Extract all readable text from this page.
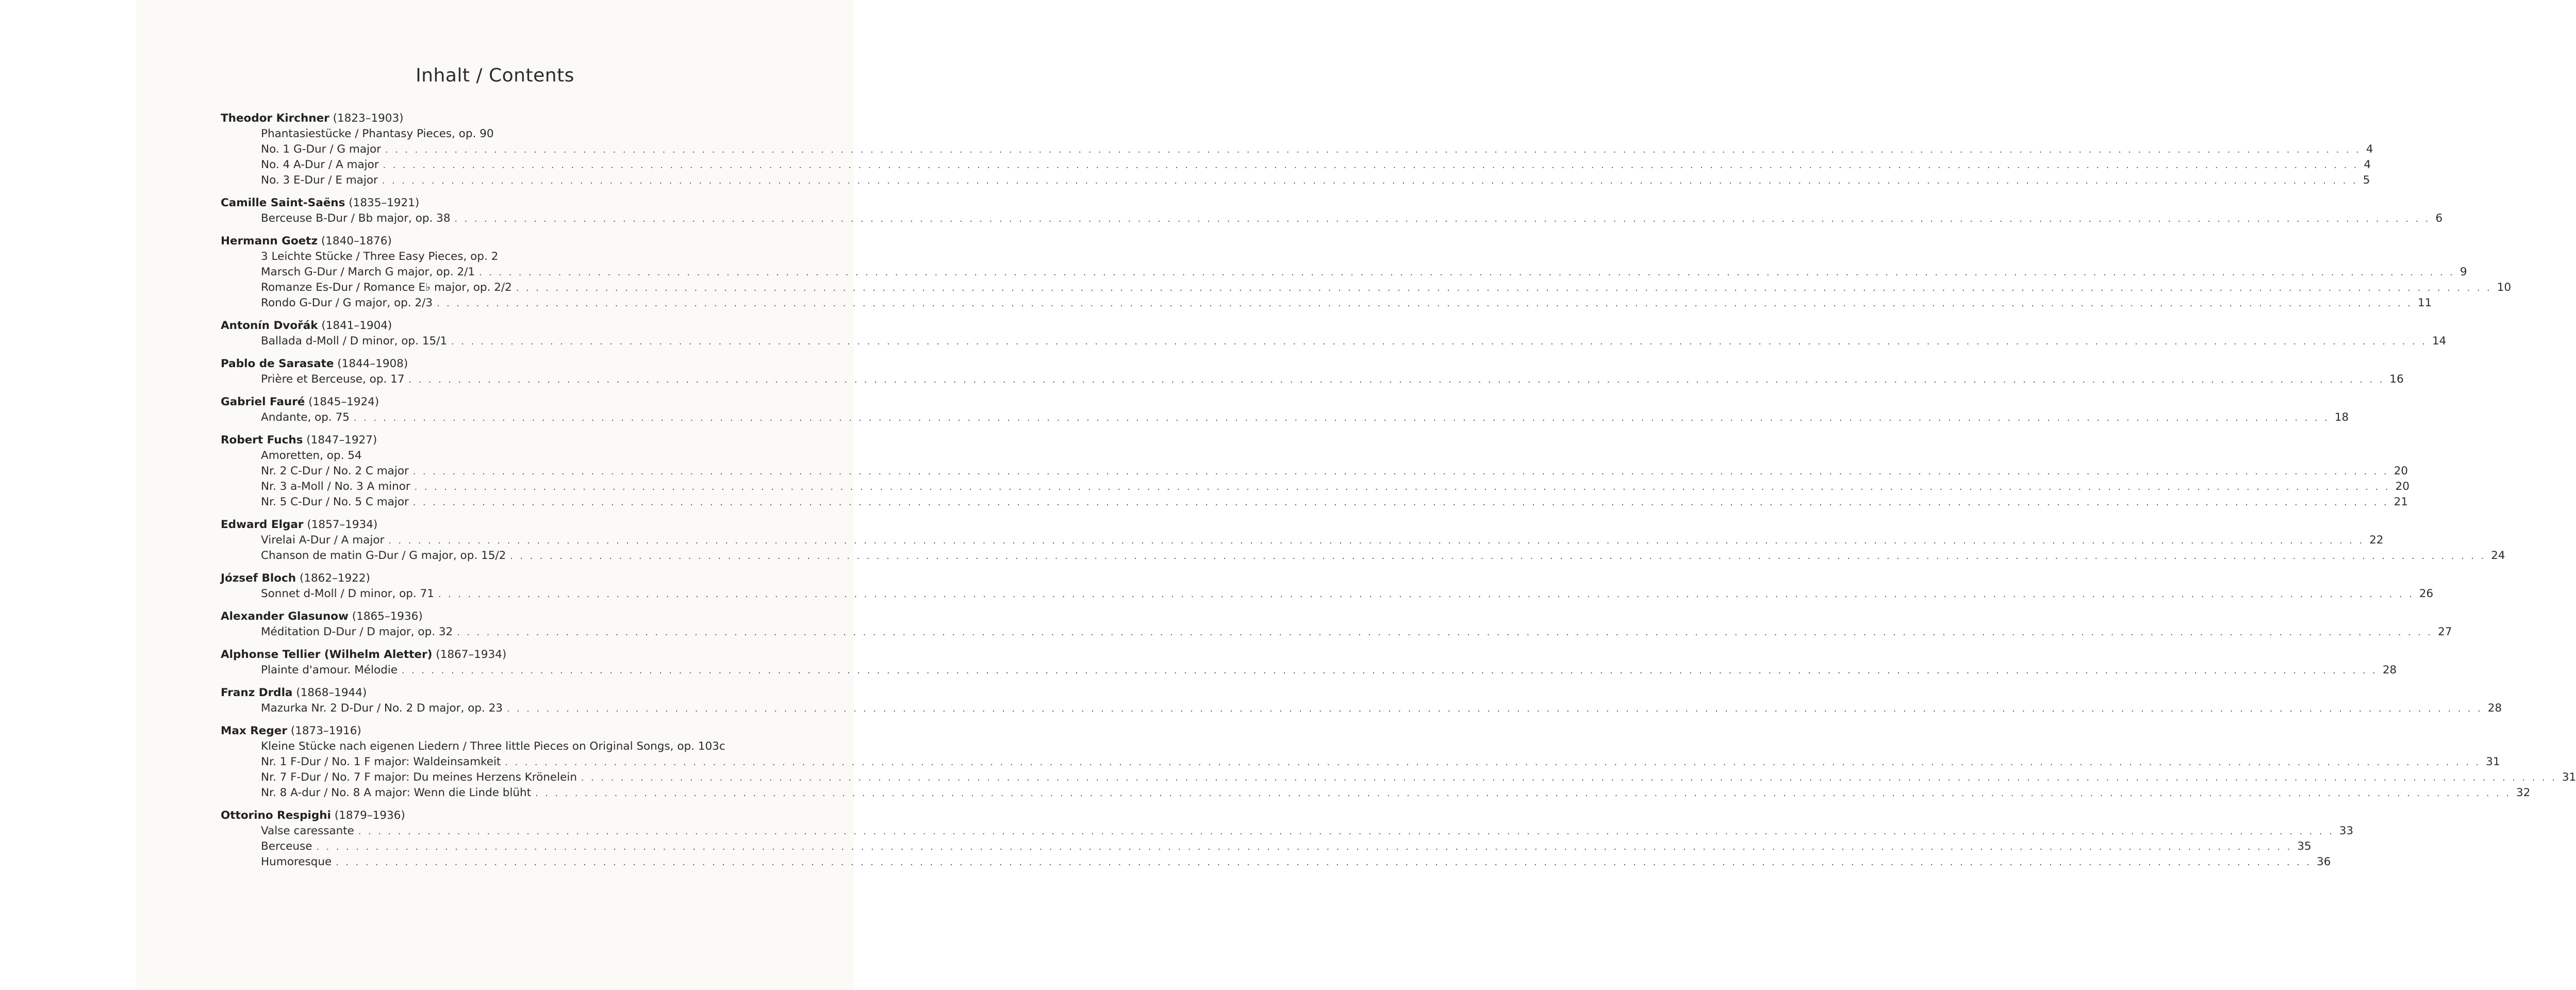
Inhalt / Contents
Theodor Kirchner (1823–1903)
Phantasiestücke / Phantasy Pieces, op. 90
No. 1 G-Dur / G major . . . . . . . . . . . . . . . . . . . . . . . . . . . . . . . . . . . . . . . . . . . . . . . . . . . . . . . . . . . . . . . . . . . . . . . . . . . . . . . . . . . . . . . . . . . . . . . . . . . . . . . . . . . . . . . . . . . . . . . . . . . . . . . . . . . . . . . . . . . . . . . . . . . . . . . . . . . . . . . . . . . . . . . . . . . . . . . . . . . . . . . . . . . . . . . . . . . . . . . . 4
No. 4 A-Dur / A major . . . . . . . . . . . . . . . . . . . . . . . . . . . . . . . . . . . . . . . . . . . . . . . . . . . . . . . . . . . . . . . . . . . . . . . . . . . . . . . . . . . . . . . . . . . . . . . . . . . . . . . . . . . . . . . . . . . . . . . . . . . . . . . . . . . . . . . . . . . . . . . . . . . . . . . . . . . . . . . . . . . . . . . . . . . . . . . . . . . . . . . . . . . . . . . . . . . . . . . . 4
No. 3 E-Dur / E major . . . . . . . . . . . . . . . . . . . . . . . . . . . . . . . . . . . . . . . . . . . . . . . . . . . . . . . . . . . . . . . . . . . . . . . . . . . . . . . . . . . . . . . . . . . . . . . . . . . . . . . . . . . . . . . . . . . . . . . . . . . . . . . . . . . . . . . . . . . . . . . . . . . . . . . . . . . . . . . . . . . . . . . . . . . . . . . . . . . . . . . . . . . . . . . . . . . . . . . . 5
Camille Saint-Saëns (1835–1921)
Berceuse B-Dur / Bb major, op. 38 . . . . . . . . . . . . . . . . . . . . . . . . . . . . . . . . . . . . . . . . . . . . . . . . . . . . . . . . . . . . . . . . . . . . . . . . . . . . . . . . . . . . . . . . . . . . . . . . . . . . . . . . . . . . . . . . . . . . . . . . . . . . . . . . . . . . . . . . . . . . . . . . . . . . . . . . . . . . . . . . . . . . . . . . . . . . . . . . . . . . . . . . . . . . . . . . . . . . . . . . 6
Hermann Goetz (1840–1876)
3 Leichte Stücke / Three Easy Pieces, op. 2
Marsch G-Dur / March G major, op. 2/1 . . . . . . . . . . . . . . . . . . . . . . . . . . . . . . . . . . . . . . . . . . . . . . . . . . . . . . . . . . . . . . . . . . . . . . . . . . . . . . . . . . . . . . . . . . . . . . . . . . . . . . . . . . . . . . . . . . . . . . . . . . . . . . . . . . . . . . . . . . . . . . . . . . . . . . . . . . . . . . . . . . . . . . . . . . . . . . . . . . . . . . . . . . . . . . . . . . . . . . . . 9
Romanze Es-Dur / Romance E♭ major, op. 2/2 . . . . . . . . . . . . . . . . . . . . . . . . . . . . . . . . . . . . . . . . . . . . . . . . . . . . . . . . . . . . . . . . . . . . . . . . . . . . . . . . . . . . . . . . . . . . . . . . . . . . . . . . . . . . . . . . . . . . . . . . . . . . . . . . . . . . . . . . . . . . . . . . . . . . . . . . . . . . . . . . . . . . . . . . . . . . . . . . . . . . . . . . . . . . . . . . . . . . . . . . 10
Rondo G-Dur / G major, op. 2/3 . . . . . . . . . . . . . . . . . . . . . . . . . . . . . . . . . . . . . . . . . . . . . . . . . . . . . . . . . . . . . . . . . . . . . . . . . . . . . . . . . . . . . . . . . . . . . . . . . . . . . . . . . . . . . . . . . . . . . . . . . . . . . . . . . . . . . . . . . . . . . . . . . . . . . . . . . . . . . . . . . . . . . . . . . . . . . . . . . . . . . . . . . . . . . . . . . . . . . . . . 11
Antonín Dvořák (1841–1904)
Ballada d-Moll / D minor, op. 15/1 . . . . . . . . . . . . . . . . . . . . . . . . . . . . . . . . . . . . . . . . . . . . . . . . . . . . . . . . . . . . . . . . . . . . . . . . . . . . . . . . . . . . . . . . . . . . . . . . . . . . . . . . . . . . . . . . . . . . . . . . . . . . . . . . . . . . . . . . . . . . . . . . . . . . . . . . . . . . . . . . . . . . . . . . . . . . . . . . . . . . . . . . . . . . . . . . . . . . . . . . 14
Pablo de Sarasate (1844–1908)
Prière et Berceuse, op. 17 . . . . . . . . . . . . . . . . . . . . . . . . . . . . . . . . . . . . . . . . . . . . . . . . . . . . . . . . . . . . . . . . . . . . . . . . . . . . . . . . . . . . . . . . . . . . . . . . . . . . . . . . . . . . . . . . . . . . . . . . . . . . . . . . . . . . . . . . . . . . . . . . . . . . . . . . . . . . . . . . . . . . . . . . . . . . . . . . . . . . . . . . . . . . . . . . . . . . . . . . 16
Gabriel Fauré (1845–1924)
Andante, op. 75 . . . . . . . . . . . . . . . . . . . . . . . . . . . . . . . . . . . . . . . . . . . . . . . . . . . . . . . . . . . . . . . . . . . . . . . . . . . . . . . . . . . . . . . . . . . . . . . . . . . . . . . . . . . . . . . . . . . . . . . . . . . . . . . . . . . . . . . . . . . . . . . . . . . . . . . . . . . . . . . . . . . . . . . . . . . . . . . . . . . . . . . . . . . . . . . . . . . . . . . . 18
Robert Fuchs (1847–1927)
Amoretten, op. 54
Nr. 2 C-Dur / No. 2 C major . . . . . . . . . . . . . . . . . . . . . . . . . . . . . . . . . . . . . . . . . . . . . . . . . . . . . . . . . . . . . . . . . . . . . . . . . . . . . . . . . . . . . . . . . . . . . . . . . . . . . . . . . . . . . . . . . . . . . . . . . . . . . . . . . . . . . . . . . . . . . . . . . . . . . . . . . . . . . . . . . . . . . . . . . . . . . . . . . . . . . . . . . . . . . . . . . . . . . . . . 20
Nr. 3 a-Moll / No. 3 A minor . . . . . . . . . . . . . . . . . . . . . . . . . . . . . . . . . . . . . . . . . . . . . . . . . . . . . . . . . . . . . . . . . . . . . . . . . . . . . . . . . . . . . . . . . . . . . . . . . . . . . . . . . . . . . . . . . . . . . . . . . . . . . . . . . . . . . . . . . . . . . . . . . . . . . . . . . . . . . . . . . . . . . . . . . . . . . . . . . . . . . . . . . . . . . . . . . . . . . . . . 20
Nr. 5 C-Dur / No. 5 C major . . . . . . . . . . . . . . . . . . . . . . . . . . . . . . . . . . . . . . . . . . . . . . . . . . . . . . . . . . . . . . . . . . . . . . . . . . . . . . . . . . . . . . . . . . . . . . . . . . . . . . . . . . . . . . . . . . . . . . . . . . . . . . . . . . . . . . . . . . . . . . . . . . . . . . . . . . . . . . . . . . . . . . . . . . . . . . . . . . . . . . . . . . . . . . . . . . . . . . . . 21
Edward Elgar (1857–1934)
Virelai A-Dur / A major . . . . . . . . . . . . . . . . . . . . . . . . . . . . . . . . . . . . . . . . . . . . . . . . . . . . . . . . . . . . . . . . . . . . . . . . . . . . . . . . . . . . . . . . . . . . . . . . . . . . . . . . . . . . . . . . . . . . . . . . . . . . . . . . . . . . . . . . . . . . . . . . . . . . . . . . . . . . . . . . . . . . . . . . . . . . . . . . . . . . . . . . . . . . . . . . . . . . . . . . 22
Chanson de matin G-Dur / G major, op. 15/2 . . . . . . . . . . . . . . . . . . . . . . . . . . . . . . . . . . . . . . . . . . . . . . . . . . . . . . . . . . . . . . . . . . . . . . . . . . . . . . . . . . . . . . . . . . . . . . . . . . . . . . . . . . . . . . . . . . . . . . . . . . . . . . . . . . . . . . . . . . . . . . . . . . . . . . . . . . . . . . . . . . . . . . . . . . . . . . . . . . . . . . . . . . . . . . . . . . . . . . . . 24
József Bloch (1862–1922)
Sonnet d-Moll / D minor, op. 71 . . . . . . . . . . . . . . . . . . . . . . . . . . . . . . . . . . . . . . . . . . . . . . . . . . . . . . . . . . . . . . . . . . . . . . . . . . . . . . . . . . . . . . . . . . . . . . . . . . . . . . . . . . . . . . . . . . . . . . . . . . . . . . . . . . . . . . . . . . . . . . . . . . . . . . . . . . . . . . . . . . . . . . . . . . . . . . . . . . . . . . . . . . . . . . . . . . . . . . . . 26
Alexander Glasunow (1865–1936)
Méditation D-Dur / D major, op. 32 . . . . . . . . . . . . . . . . . . . . . . . . . . . . . . . . . . . . . . . . . . . . . . . . . . . . . . . . . . . . . . . . . . . . . . . . . . . . . . . . . . . . . . . . . . . . . . . . . . . . . . . . . . . . . . . . . . . . . . . . . . . . . . . . . . . . . . . . . . . . . . . . . . . . . . . . . . . . . . . . . . . . . . . . . . . . . . . . . . . . . . . . . . . . . . . . . . . . . . . . 27
Alphonse Tellier (Wilhelm Aletter) (1867–1934)
Plainte d'amour. Mélodie . . . . . . . . . . . . . . . . . . . . . . . . . . . . . . . . . . . . . . . . . . . . . . . . . . . . . . . . . . . . . . . . . . . . . . . . . . . . . . . . . . . . . . . . . . . . . . . . . . . . . . . . . . . . . . . . . . . . . . . . . . . . . . . . . . . . . . . . . . . . . . . . . . . . . . . . . . . . . . . . . . . . . . . . . . . . . . . . . . . . . . . . . . . . . . . . . . . . . . . . 28
Franz Drdla (1868–1944)
Mazurka Nr. 2 D-Dur / No. 2 D major, op. 23 . . . . . . . . . . . . . . . . . . . . . . . . . . . . . . . . . . . . . . . . . . . . . . . . . . . . . . . . . . . . . . . . . . . . . . . . . . . . . . . . . . . . . . . . . . . . . . . . . . . . . . . . . . . . . . . . . . . . . . . . . . . . . . . . . . . . . . . . . . . . . . . . . . . . . . . . . . . . . . . . . . . . . . . . . . . . . . . . . . . . . . . . . . . . . . . . . . . . . . . . 28
Max Reger (1873–1916)
Kleine Stücke nach eigenen Liedern / Three little Pieces on Original Songs, op. 103c
Nr. 1 F-Dur / No. 1 F major: Waldeinsamkeit . . . . . . . . . . . . . . . . . . . . . . . . . . . . . . . . . . . . . . . . . . . . . . . . . . . . . . . . . . . . . . . . . . . . . . . . . . . . . . . . . . . . . . . . . . . . . . . . . . . . . . . . . . . . . . . . . . . . . . . . . . . . . . . . . . . . . . . . . . . . . . . . . . . . . . . . . . . . . . . . . . . . . . . . . . . . . . . . . . . . . . . . . . . . . . . . . . . . . . . . 31
Nr. 7 F-Dur / No. 7 F major: Du meines Herzens Krönelein . . . . . . . . . . . . . . . . . . . . . . . . . . . . . . . . . . . . . . . . . . . . . . . . . . . . . . . . . . . . . . . . . . . . . . . . . . . . . . . . . . . . . . . . . . . . . . . . . . . . . . . . . . . . . . . . . . . . . . . . . . . . . . . . . . . . . . . . . . . . . . . . . . . . . . . . . . . . . . . . . . . . . . . . . . . . . . . . . . . . . . . . . . . . . . . . . . . . . . . . 31
Nr. 8 A-dur / No. 8 A major: Wenn die Linde blüht . . . . . . . . . . . . . . . . . . . . . . . . . . . . . . . . . . . . . . . . . . . . . . . . . . . . . . . . . . . . . . . . . . . . . . . . . . . . . . . . . . . . . . . . . . . . . . . . . . . . . . . . . . . . . . . . . . . . . . . . . . . . . . . . . . . . . . . . . . . . . . . . . . . . . . . . . . . . . . . . . . . . . . . . . . . . . . . . . . . . . . . . . . . . . . . . . . . . . . . . 32
Ottorino Respighi (1879–1936)
Valse caressante . . . . . . . . . . . . . . . . . . . . . . . . . . . . . . . . . . . . . . . . . . . . . . . . . . . . . . . . . . . . . . . . . . . . . . . . . . . . . . . . . . . . . . . . . . . . . . . . . . . . . . . . . . . . . . . . . . . . . . . . . . . . . . . . . . . . . . . . . . . . . . . . . . . . . . . . . . . . . . . . . . . . . . . . . . . . . . . . . . . . . . . . . . . . . . . . . . . . . . . . 33
Berceuse . . . . . . . . . . . . . . . . . . . . . . . . . . . . . . . . . . . . . . . . . . . . . . . . . . . . . . . . . . . . . . . . . . . . . . . . . . . . . . . . . . . . . . . . . . . . . . . . . . . . . . . . . . . . . . . . . . . . . . . . . . . . . . . . . . . . . . . . . . . . . . . . . . . . . . . . . . . . . . . . . . . . . . . . . . . . . . . . . . . . . . . . . . . . . . . . . . . . . . . . 35
Humoresque . . . . . . . . . . . . . . . . . . . . . . . . . . . . . . . . . . . . . . . . . . . . . . . . . . . . . . . . . . . . . . . . . . . . . . . . . . . . . . . . . . . . . . . . . . . . . . . . . . . . . . . . . . . . . . . . . . . . . . . . . . . . . . . . . . . . . . . . . . . . . . . . . . . . . . . . . . . . . . . . . . . . . . . . . . . . . . . . . . . . . . . . . . . . . . . . . . . . . . . . 36
